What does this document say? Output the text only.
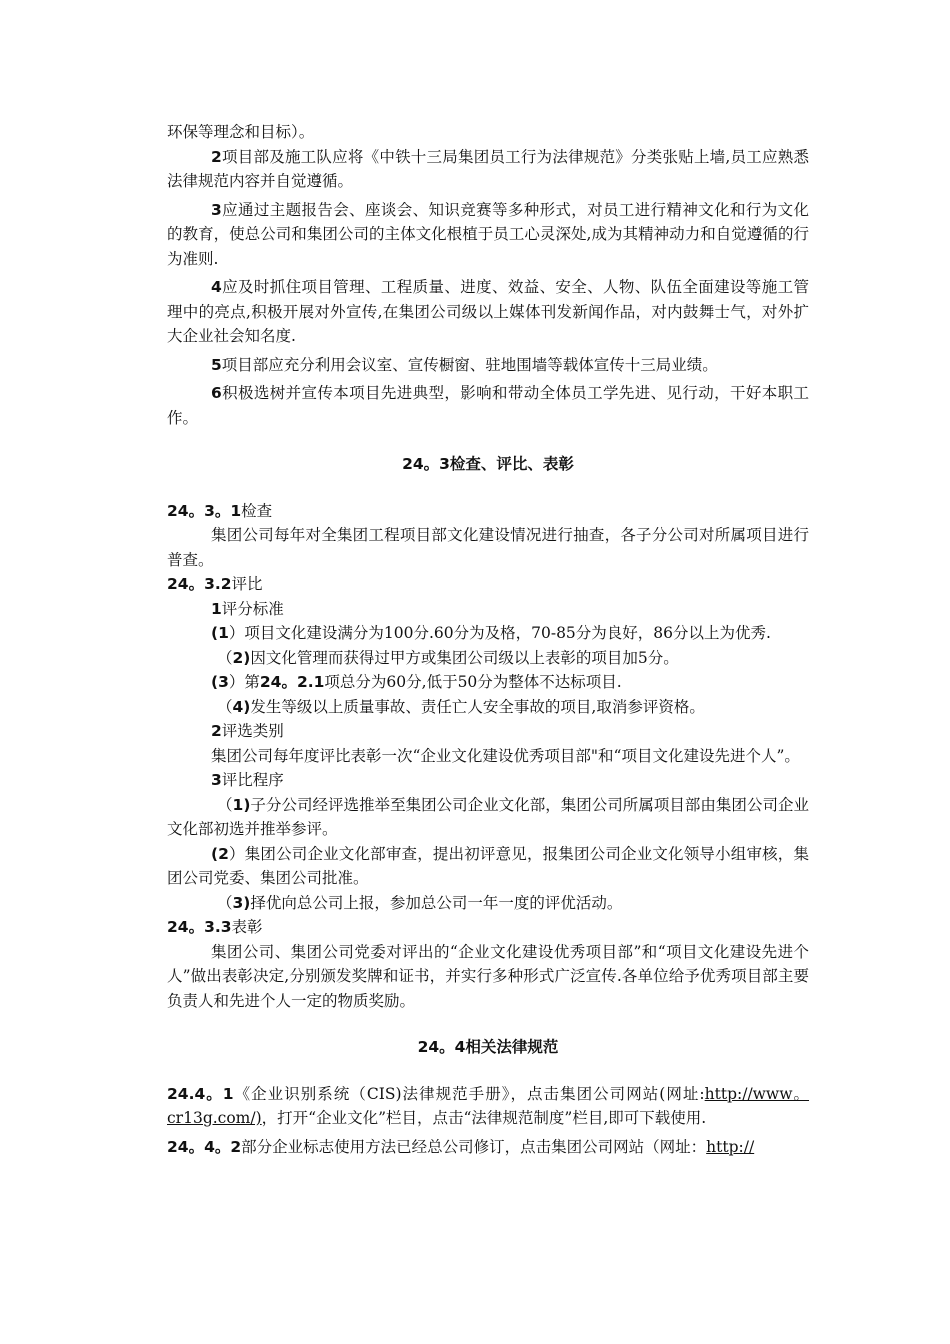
环保等理念和目标）。

2项目部及施工队应将《中铁十三局集团员工行为法律规范》分类张贴上墙,员工应熟悉法律规范内容并自觉遵循。

3应通过主题报告会、座谈会、知识竞赛等多种形式，对员工进行精神文化和行为文化的教育，使总公司和集团公司的主体文化根植于员工心灵深处,成为其精神动力和自觉遵循的行为准则.

4应及时抓住项目管理、工程质量、进度、效益、安全、人物、队伍全面建设等施工管理中的亮点,积极开展对外宣传,在集团公司级以上媒体刊发新闻作品，对内鼓舞士气，对外扩大企业社会知名度.

5项目部应充分利用会议室、宣传橱窗、驻地围墙等载体宣传十三局业绩。

6积极选树并宣传本项目先进典型，影响和带动全体员工学先进、见行动，干好本职工作。

24。3检查、评比、表彰

24。3。1检查

集团公司每年对全集团工程项目部文化建设情况进行抽查，各子分公司对所属项目进行普查。

24。3.2评比

1评分标准

(1）项目文化建设满分为100分.60分为及格，70-85分为良好，86分以上为优秀.

（2)因文化管理而获得过甲方或集团公司级以上表彰的项目加5分。

(3）第24。2.1项总分为60分,低于50分为整体不达标项目.

（4)发生等级以上质量事故、责任亡人安全事故的项目,取消参评资格。

2评选类别

集团公司每年度评比表彰一次“企业文化建设优秀项目部"和“项目文化建设先进个人”。

3评比程序

（1)子分公司经评选推举至集团公司企业文化部，集团公司所属项目部由集团公司企业文化部初选并推举参评。

(2）集团公司企业文化部审查，提出初评意见，报集团公司企业文化领导小组审核，集团公司党委、集团公司批准。

（3)择优向总公司上报，参加总公司一年一度的评优活动。

24。3.3表彰

集团公司、集团公司党委对评出的“企业文化建设优秀项目部”和“项目文化建设先进个人”做出表彰决定,分别颁发奖牌和证书，并实行多种形式广泛宣传.各单位给予优秀项目部主要负责人和先进个人一定的物质奖励。

24。4相关法律规范

24.4。1《企业识别系统（CIS)法律规范手册》，点击集团公司网站(网址:http://www。cr13g.com/)，打开“企业文化”栏目，点击“法律规范制度”栏目,即可下载使用.

24。4。2部分企业标志使用方法已经总公司修订，点击集团公司网站（网址：http://
